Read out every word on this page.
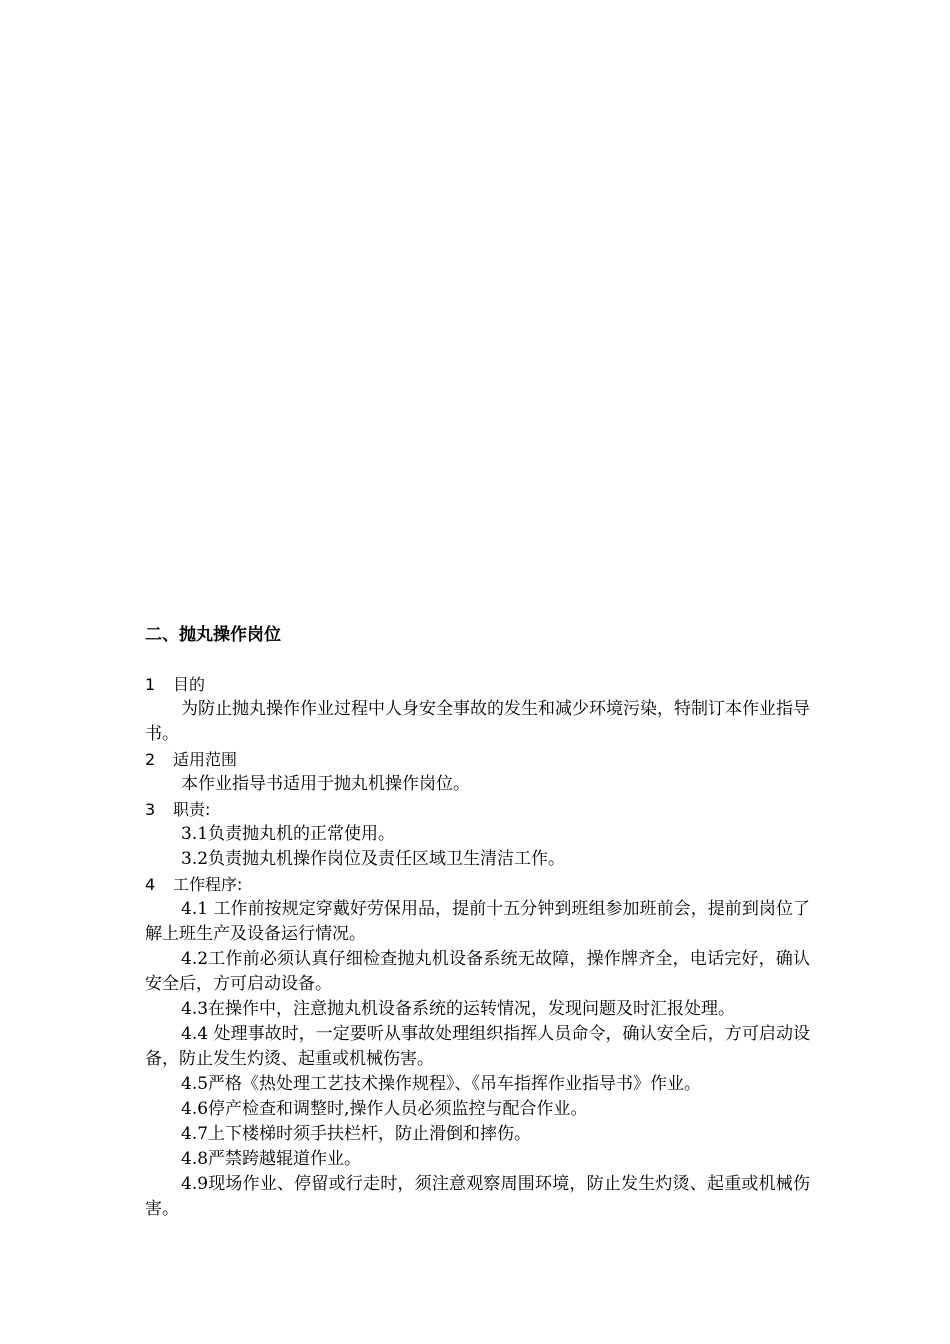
二、抛丸操作岗位
1 目的

为防止抛丸操作作业过程中人身安全事故的发生和减少环境污染，特制订本作业指导书。

2 适用范围

本作业指导书适用于抛丸机操作岗位。

3 职责:

3.1负责抛丸机的正常使用。

3.2负责抛丸机操作岗位及责任区域卫生清洁工作。

4 工作程序:

4.1 工作前按规定穿戴好劳保用品，提前十五分钟到班组参加班前会，提前到岗位了解上班生产及设备运行情况。

4.2工作前必须认真仔细检查抛丸机设备系统无故障，操作牌齐全，电话完好，确认安全后，方可启动设备。

4.3在操作中，注意抛丸机设备系统的运转情况，发现问题及时汇报处理。

4.4 处理事故时，一定要听从事故处理组织指挥人员命令，确认安全后，方可启动设备，防止发生灼烫、起重或机械伤害。

4.5严格《热处理工艺技术操作规程》、《吊车指挥作业指导书》作业。

4.6停产检查和调整时,操作人员必须监控与配合作业。

4.7上下楼梯时须手扶栏杆，防止滑倒和摔伤。

4.8严禁跨越辊道作业。

4.9现场作业、停留或行走时，须注意观察周围环境，防止发生灼烫、起重或机械伤害。
